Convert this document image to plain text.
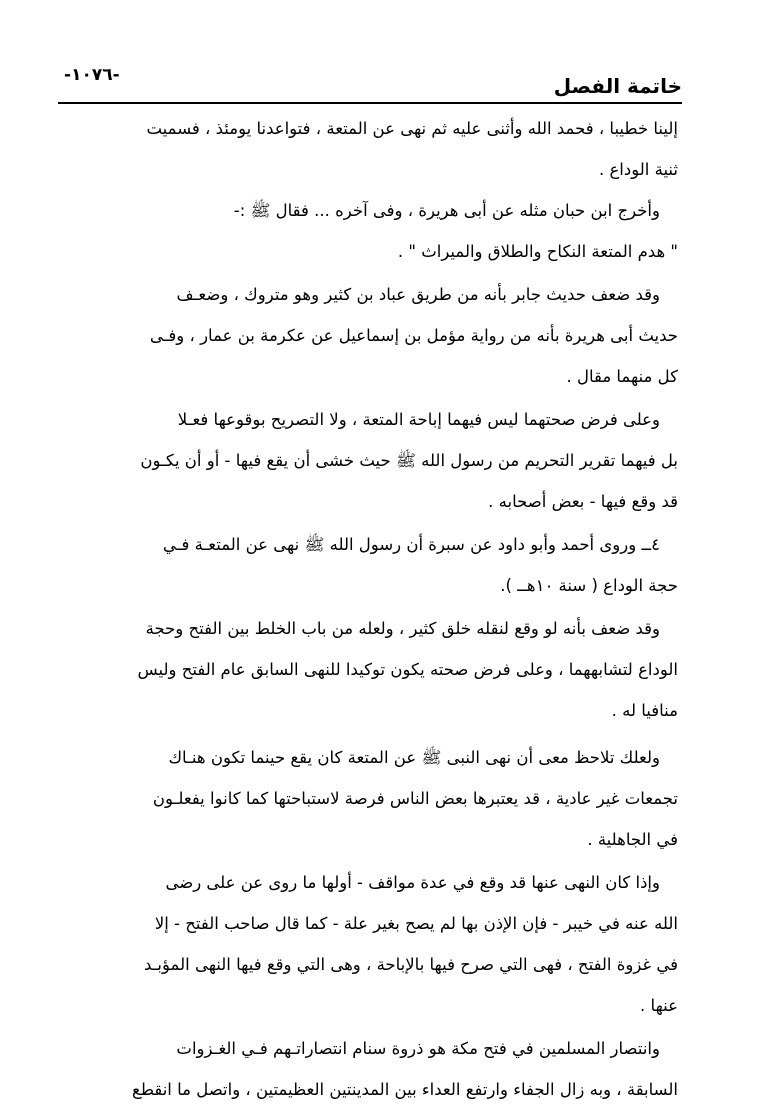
-١٠٧٦-	خاتمة الفصل

إلينا خطيبا ، فحمد الله وأثنى عليه ثم نهى عن المتعة ، فتواعدنا يومئذ ، فسميت
ثنية الوداع .

وأخرج ابن حبان مثله عن أبى هريرة ، وفى آخره ... فقال ﷺ :-
" هدم المتعة النكاح والطلاق والميراث " .

وقد ضعف حديث جابر بأنه من طريق عباد بن كثير وهو متروك ، وضعـف
حديث أبى هريرة بأنه من رواية مؤمل بن إسماعيل عن عكرمة بن عمار ، وفـى
كل منهما مقال .

وعلى فرض صحتهما ليس فيهما إباحة المتعة ، ولا التصريح بوقوعها فعـلا
بل فيهما تقرير التحريم من رسول الله ﷺ حيث خشى أن يقع فيها - أو أن يكـون
قد وقع فيها - بعض أصحابه .

٤ــ وروى أحمد وأبو داود عن سبرة أن رسول الله ﷺ نهى عن المتعـة فـي
حجة الوداع ( سنة ١٠هــ ).

وقد ضعف بأنه لو وقع لنقله خلق كثير ، ولعله من باب الخلط بين الفتح وحجة
الوداع لتشابههما ، وعلى فرض صحته يكون توكيدا للنهى السابق عام الفتح وليس
منافيا له .

ولعلك تلاحظ معى أن نهى النبى ﷺ عن المتعة كان يقع حينما تكون هنـاك
تجمعات غير عادية ، قد يعتبرها بعض الناس فرصة لاستباحتها كما كانوا يفعلـون
في الجاهلية .

وإذا كان النهى عنها قد وقع في عدة مواقف - أولها ما روى عن على رضى
الله عنه في خيبر - فإن الإذن بها لم يصح بغير علة - كما قال صاحب الفتح - إلا
في غزوة الفتح ، فهى التي صرح فيها بالإباحة ، وهى التي وقع فيها النهى المؤبـد
عنها .

وانتصار المسلمين في فتح مكة هو ذروة سنام انتصاراتـهم فـي الغـزوات
السابقة ، وبه زال الجفاء وارتفع العداء بين المدينتين العظيمتين ، واتصل ما انقطع
